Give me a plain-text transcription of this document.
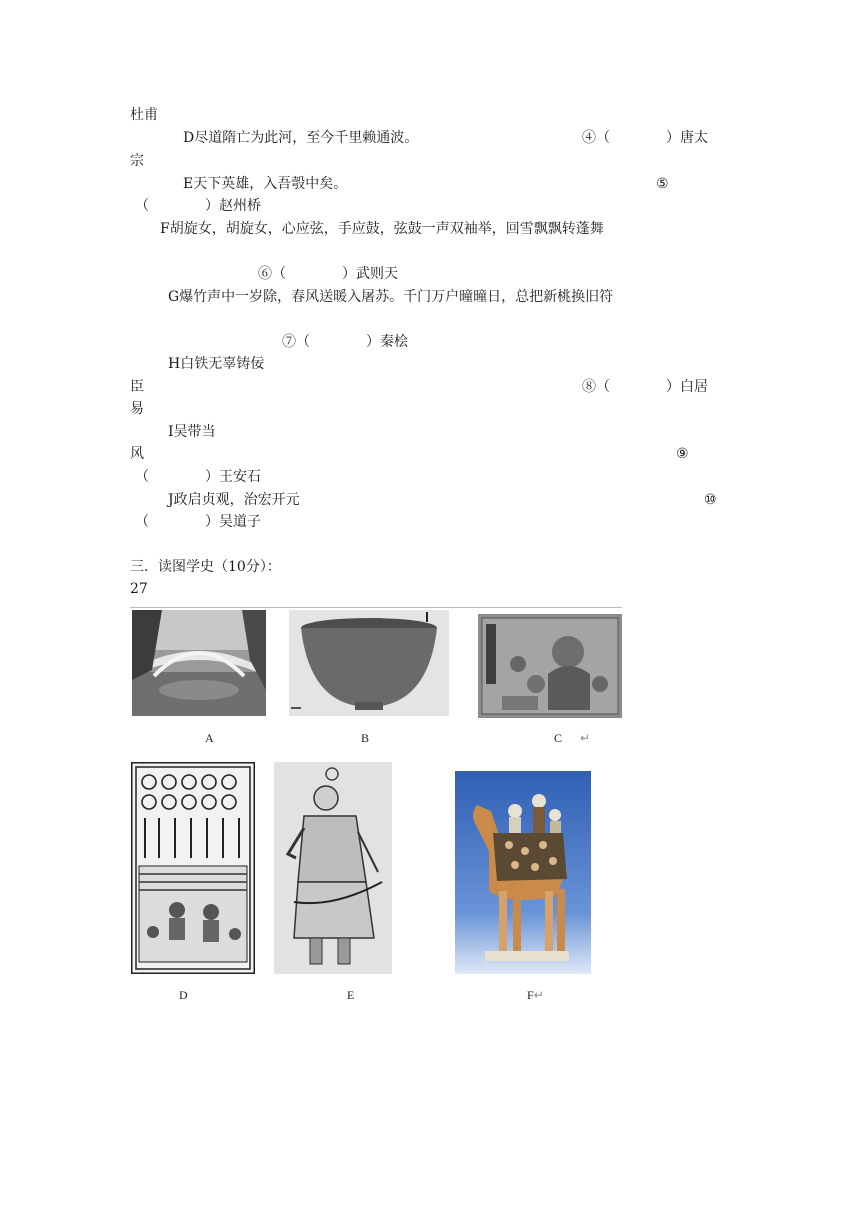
杜甫
D尽道隋亡为此河，至今千里赖通波。	④（　　　　）唐太
宗
E天下英雄，入吾彀中矣。	⑤
（　　　　）赵州桥
F胡旋女，胡旋女，心应弦，手应鼓，弦鼓一声双袖举，回雪飘飘转蓬舞
⑥（　　　　）武则天
G爆竹声中一岁除，春风送暖入屠苏。千门万户曈曈日，总把新桃换旧符
⑦（　　　　）秦桧
H白铁无辜铸佞
臣	⑧（　　　　）白居
易
I吴带当
风	⑨
（　　　　）王安石
J政启贞观，治宏开元	⑩
（　　　　）吴道子
三．读图学史（10分）：
27
A	B	C ↵
D	E	F↵
